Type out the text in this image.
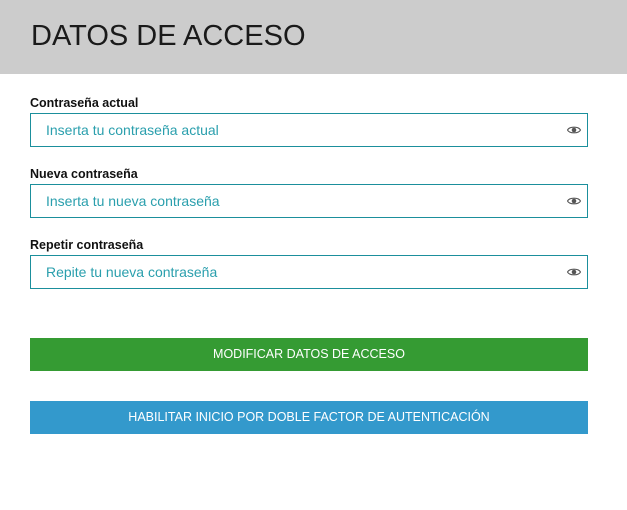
DATOS DE ACCESO
Contraseña actual
Nueva contraseña
Repetir contraseña
MODIFICAR DATOS DE ACCESO
HABILITAR INICIO POR DOBLE FACTOR DE AUTENTICACIÓN
